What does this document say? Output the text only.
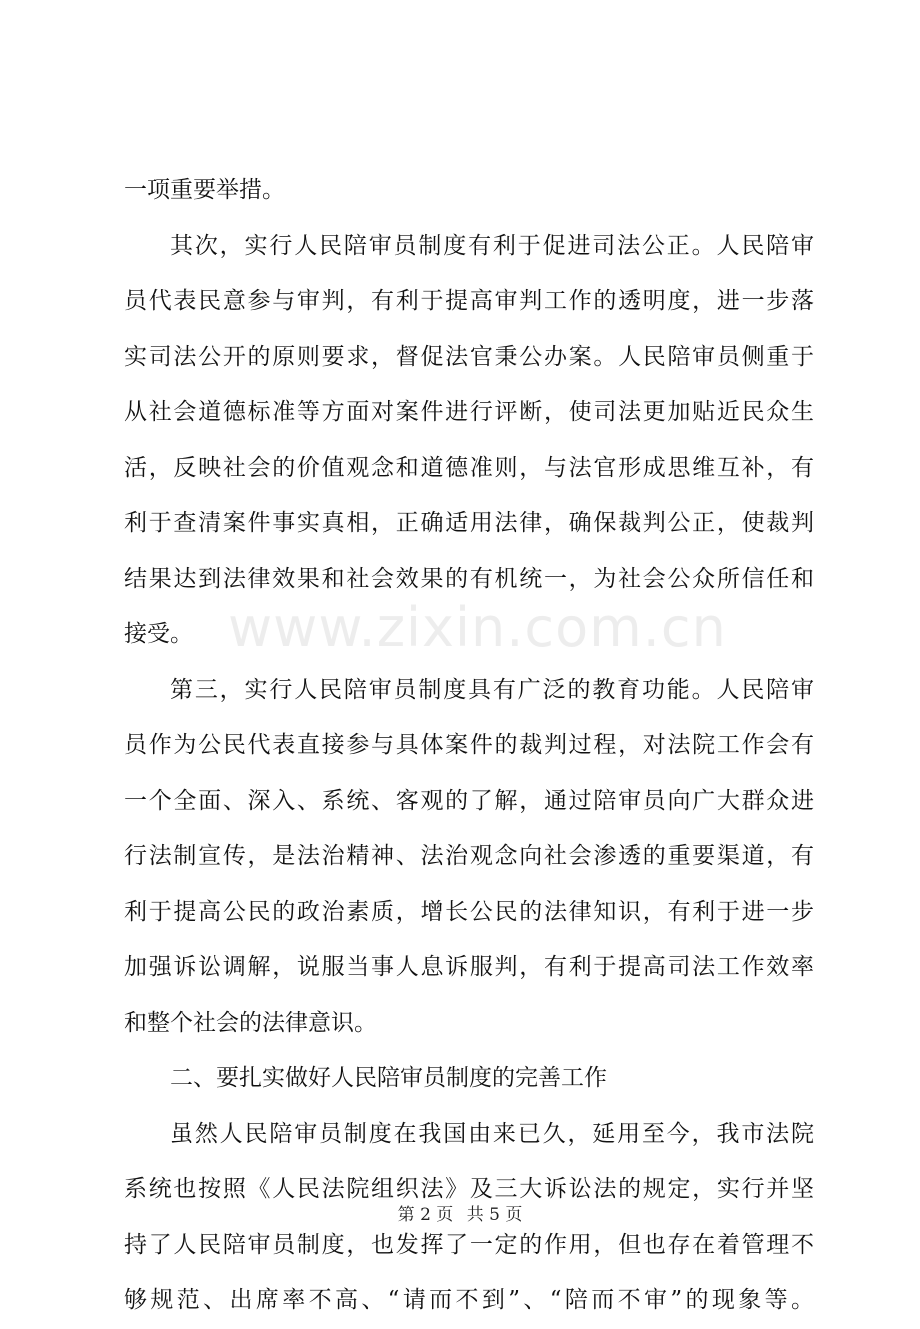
www.zixin.com.cn
一项重要举措。
其次，实行人民陪审员制度有利于促进司法公正。人民陪审
员代表民意参与审判，有利于提高审判工作的透明度，进一步落
实司法公开的原则要求，督促法官秉公办案。人民陪审员侧重于
从社会道德标准等方面对案件进行评断，使司法更加贴近民众生
活，反映社会的价值观念和道德准则，与法官形成思维互补，有
利于查清案件事实真相，正确适用法律，确保裁判公正，使裁判
结果达到法律效果和社会效果的有机统一，为社会公众所信任和
接受。
第三，实行人民陪审员制度具有广泛的教育功能。人民陪审
员作为公民代表直接参与具体案件的裁判过程，对法院工作会有
一个全面、深入、系统、客观的了解，通过陪审员向广大群众进
行法制宣传，是法治精神、法治观念向社会渗透的重要渠道，有
利于提高公民的政治素质，增长公民的法律知识，有利于进一步
加强诉讼调解，说服当事人息诉服判，有利于提高司法工作效率
和整个社会的法律意识。
二、要扎实做好人民陪审员制度的完善工作
虽然人民陪审员制度在我国由来已久，延用至今，我市法院
系统也按照《人民法院组织法》及三大诉讼法的规定，实行并坚
持了人民陪审员制度，也发挥了一定的作用，但也存在着管理不
够规范、出席率不高、“请而不到”、“陪而不审”的现象等。
第 2 页 共 5 页
